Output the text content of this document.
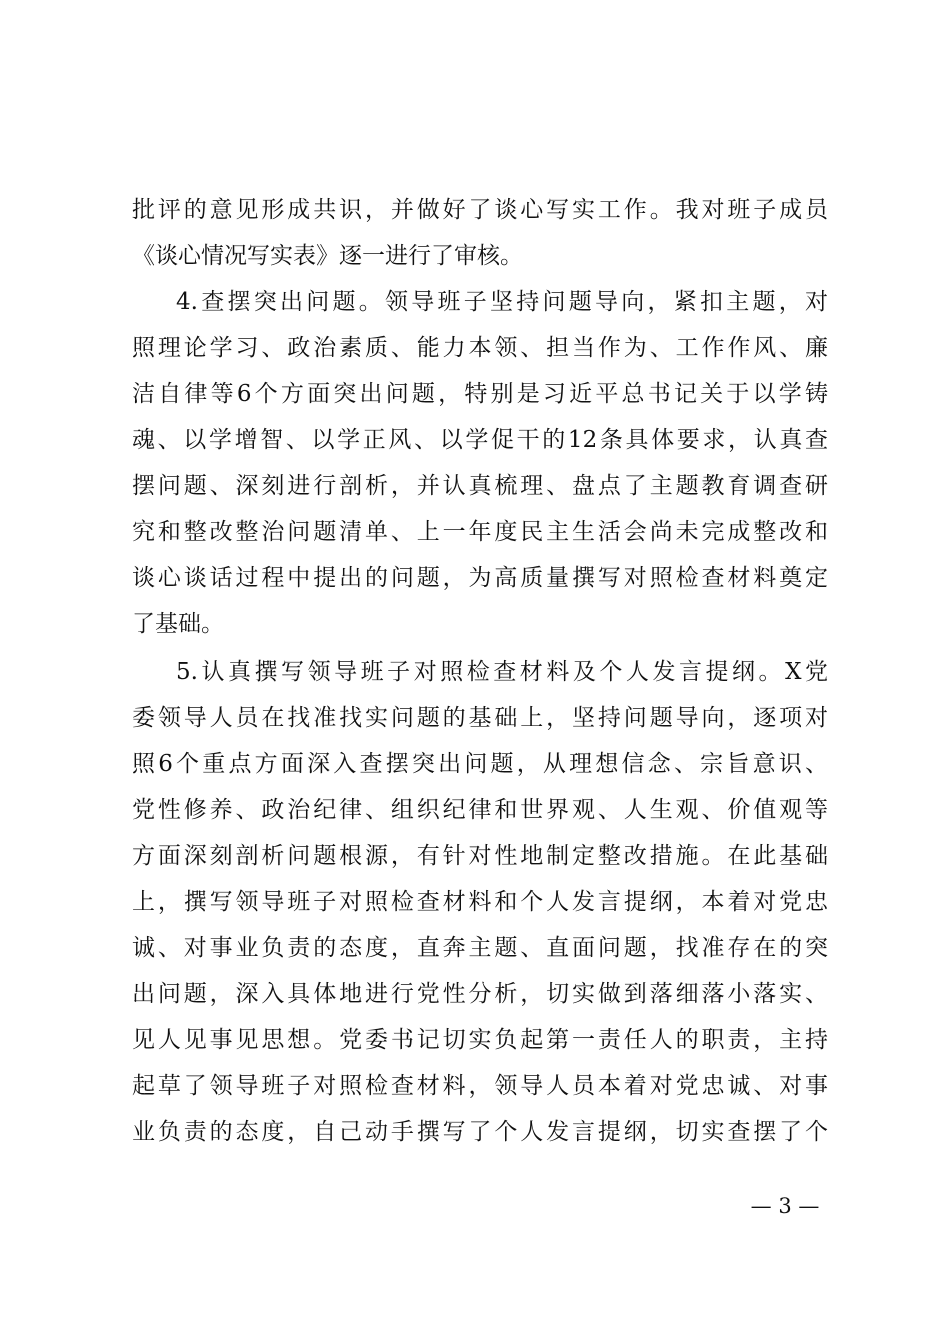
批评的意见形成共识，并做好了谈心写实工作。我对班子成员
《谈心情况写实表》逐一进行了审核。
4.查摆突出问题。领导班子坚持问题导向，紧扣主题，对
照理论学习、政治素质、能力本领、担当作为、工作作风、廉
洁自律等6个方面突出问题，特别是习近平总书记关于以学铸
魂、以学增智、以学正风、以学促干的12条具体要求，认真查
摆问题、深刻进行剖析，并认真梳理、盘点了主题教育调查研
究和整改整治问题清单、上一年度民主生活会尚未完成整改和
谈心谈话过程中提出的问题，为高质量撰写对照检查材料奠定
了基础。
5.认真撰写领导班子对照检查材料及个人发言提纲。X党
委领导人员在找准找实问题的基础上，坚持问题导向，逐项对
照6个重点方面深入查摆突出问题，从理想信念、宗旨意识、
党性修养、政治纪律、组织纪律和世界观、人生观、价值观等
方面深刻剖析问题根源，有针对性地制定整改措施。在此基础
上，撰写领导班子对照检查材料和个人发言提纲，本着对党忠
诚、对事业负责的态度，直奔主题、直面问题，找准存在的突
出问题，深入具体地进行党性分析，切实做到落细落小落实、
见人见事见思想。党委书记切实负起第一责任人的职责，主持
起草了领导班子对照检查材料，领导人员本着对党忠诚、对事
业负责的态度，自己动手撰写了个人发言提纲，切实查摆了个
— 3 —
